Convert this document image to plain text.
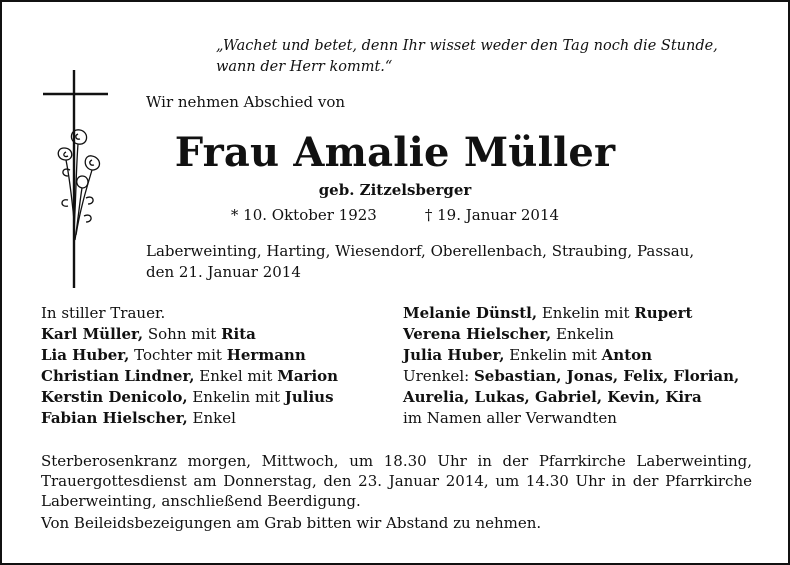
„Wachet und betet, denn Ihr wisset weder den Tag noch die Stunde,
wann der Herr kommt.“
Wir nehmen Abschied von
Frau Amalie Müller
geb. Zitzelsberger
* 10. Oktober 1923	† 19. Januar 2014
Laberweinting, Harting, Wiesendorf, Oberellenbach, Straubing, Passau,
den 21. Januar 2014
In stiller Trauer.
Karl Müller, Sohn mit Rita
Lia Huber, Tochter mit Hermann
Christian Lindner, Enkel mit Marion
Kerstin Denicolo, Enkelin mit Julius
Fabian Hielscher, Enkel
Melanie Dünstl, Enkelin mit Rupert
Verena Hielscher, Enkelin
Julia Huber, Enkelin mit Anton
Urenkel: Sebastian, Jonas, Felix, Florian,
Aurelia, Lukas, Gabriel, Kevin, Kira
im Namen aller Verwandten

Sterberosenkranz morgen, Mittwoch, um 18.30 Uhr in der Pfarrkirche Laberweinting, Trauergottesdienst am Donnerstag, den 23. Januar 2014, um 14.30 Uhr in der Pfarrkirche Laberweinting, anschließend Beerdigung.

Von Beileidsbezeigungen am Grab bitten wir Abstand zu nehmen.
